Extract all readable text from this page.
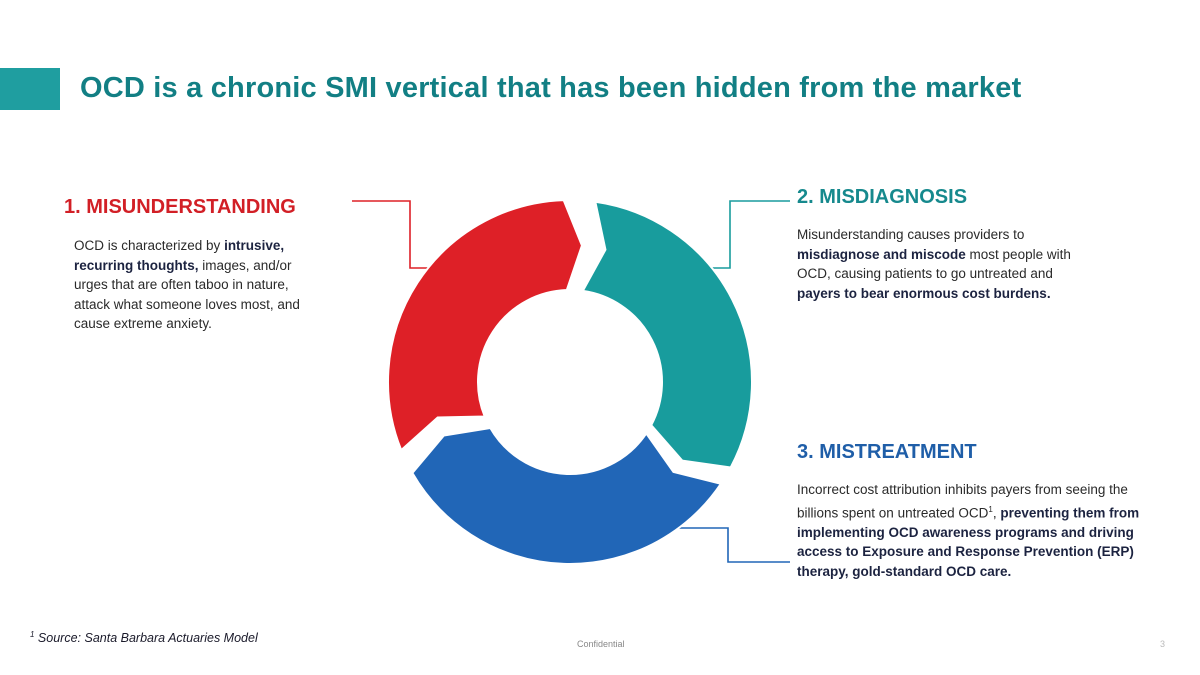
OCD is a chronic SMI vertical that has been hidden from the market
1. MISUNDERSTANDING
OCD is characterized by intrusive, recurring thoughts, images, and/or urges that are often taboo in nature, attack what someone loves most, and cause extreme anxiety.
2. MISDIAGNOSIS
Misunderstanding causes providers to misdiagnose and miscode most people with OCD, causing patients to go untreated and payers to bear enormous cost burdens.
3. MISTREATMENT
Incorrect cost attribution inhibits payers from seeing the billions spent on untreated OCD$^1$, preventing them from implementing OCD awareness programs and driving access to Exposure and Response Prevention (ERP) therapy, gold-standard OCD care.
$^1$ Source: Santa Barbara Actuaries Model	Confidential	3
